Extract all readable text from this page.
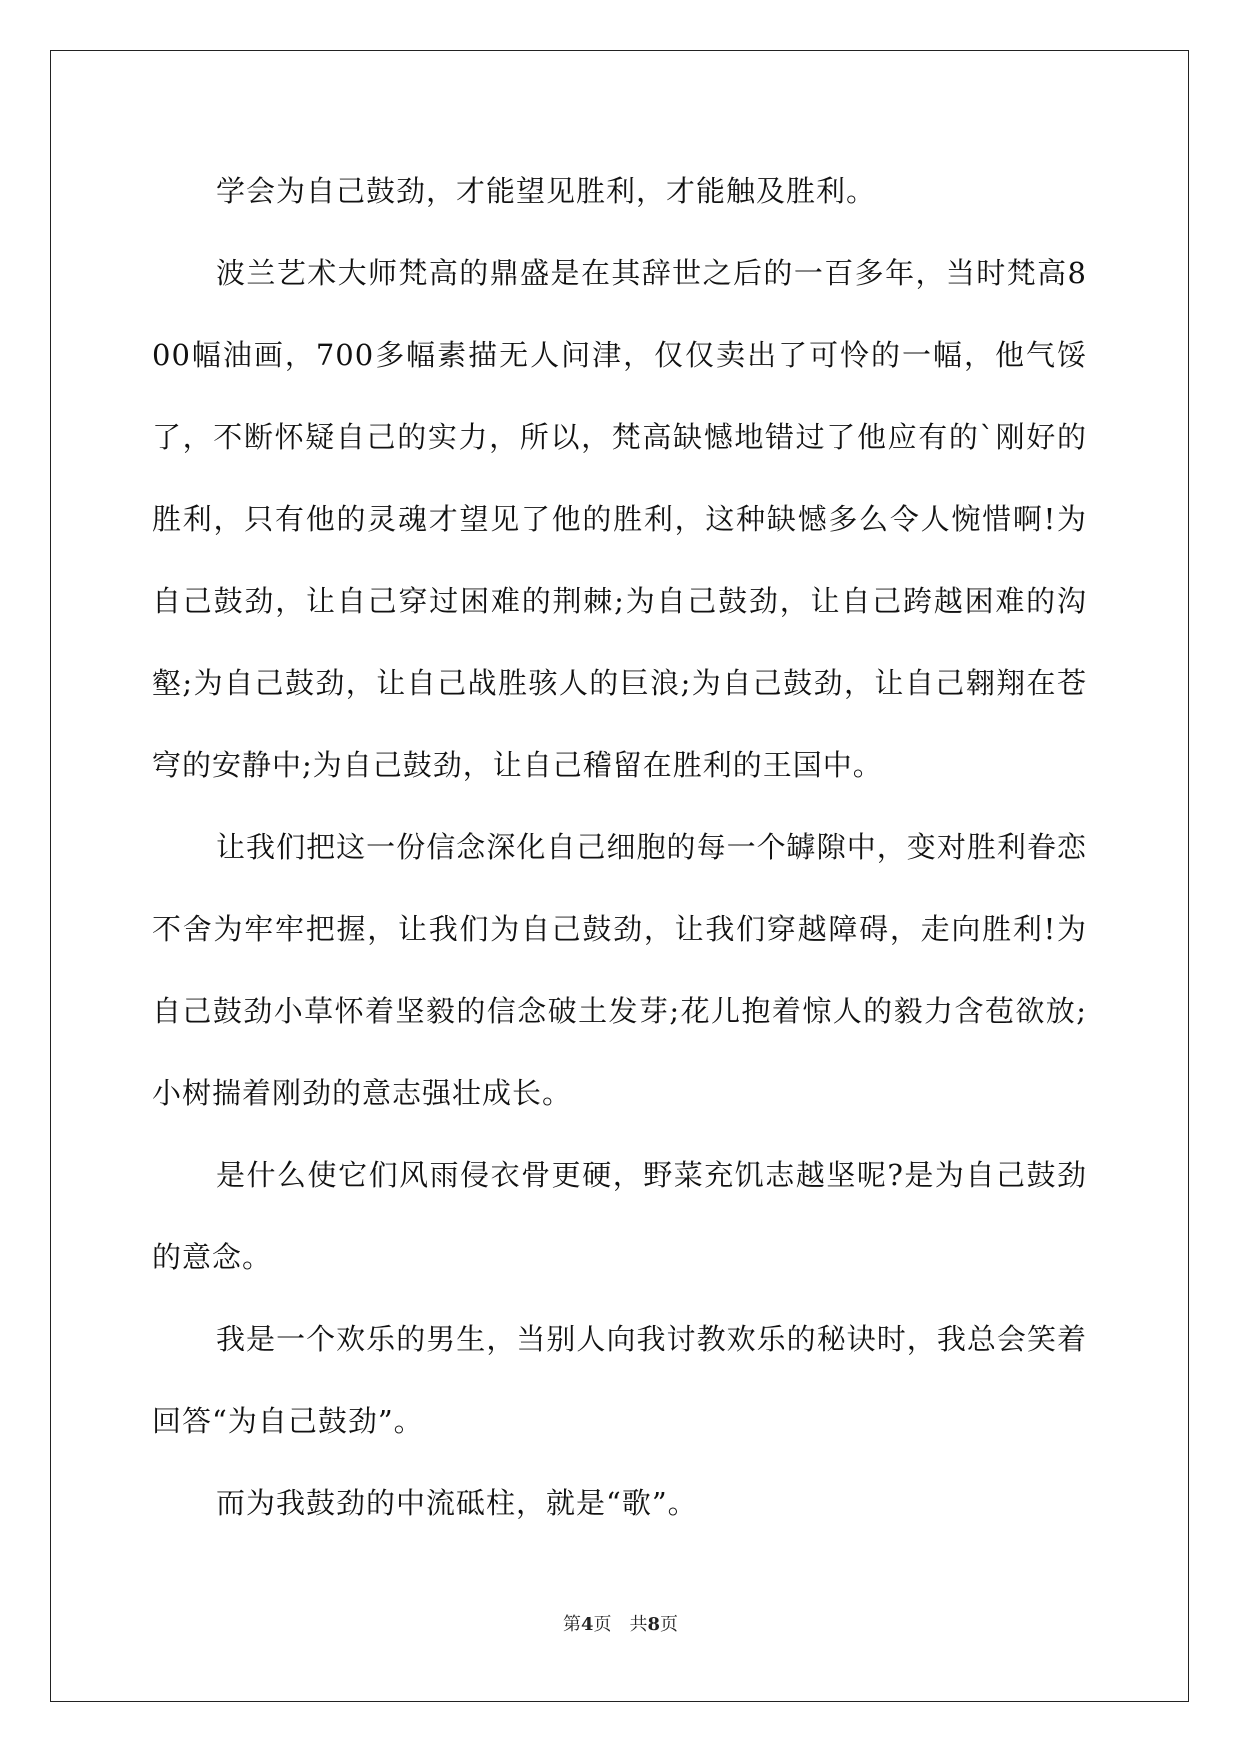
学会为自己鼓劲，才能望见胜利，才能触及胜利。

波兰艺术大师梵高的鼎盛是在其辞世之后的一百多年，当时梵高800幅油画，700多幅素描无人问津，仅仅卖出了可怜的一幅，他气馁了，不断怀疑自己的实力，所以，梵高缺憾地错过了他应有的`刚好的胜利，只有他的灵魂才望见了他的胜利，这种缺憾多么令人惋惜啊!为自己鼓劲，让自己穿过困难的荆棘;为自己鼓劲，让自己跨越困难的沟壑;为自己鼓劲，让自己战胜骇人的巨浪;为自己鼓劲，让自己翱翔在苍穹的安静中;为自己鼓劲，让自己稽留在胜利的王国中。

让我们把这一份信念深化自己细胞的每一个罅隙中，变对胜利眷恋不舍为牢牢把握，让我们为自己鼓劲，让我们穿越障碍，走向胜利!为自己鼓劲小草怀着坚毅的信念破土发芽;花儿抱着惊人的毅力含苞欲放;小树揣着刚劲的意志强壮成长。

是什么使它们风雨侵衣骨更硬，野菜充饥志越坚呢?是为自己鼓劲的意念。

我是一个欢乐的男生，当别人向我讨教欢乐的秘诀时，我总会笑着回答“为自己鼓劲”。

而为我鼓劲的中流砥柱，就是“歌”。

第4页 共8页
